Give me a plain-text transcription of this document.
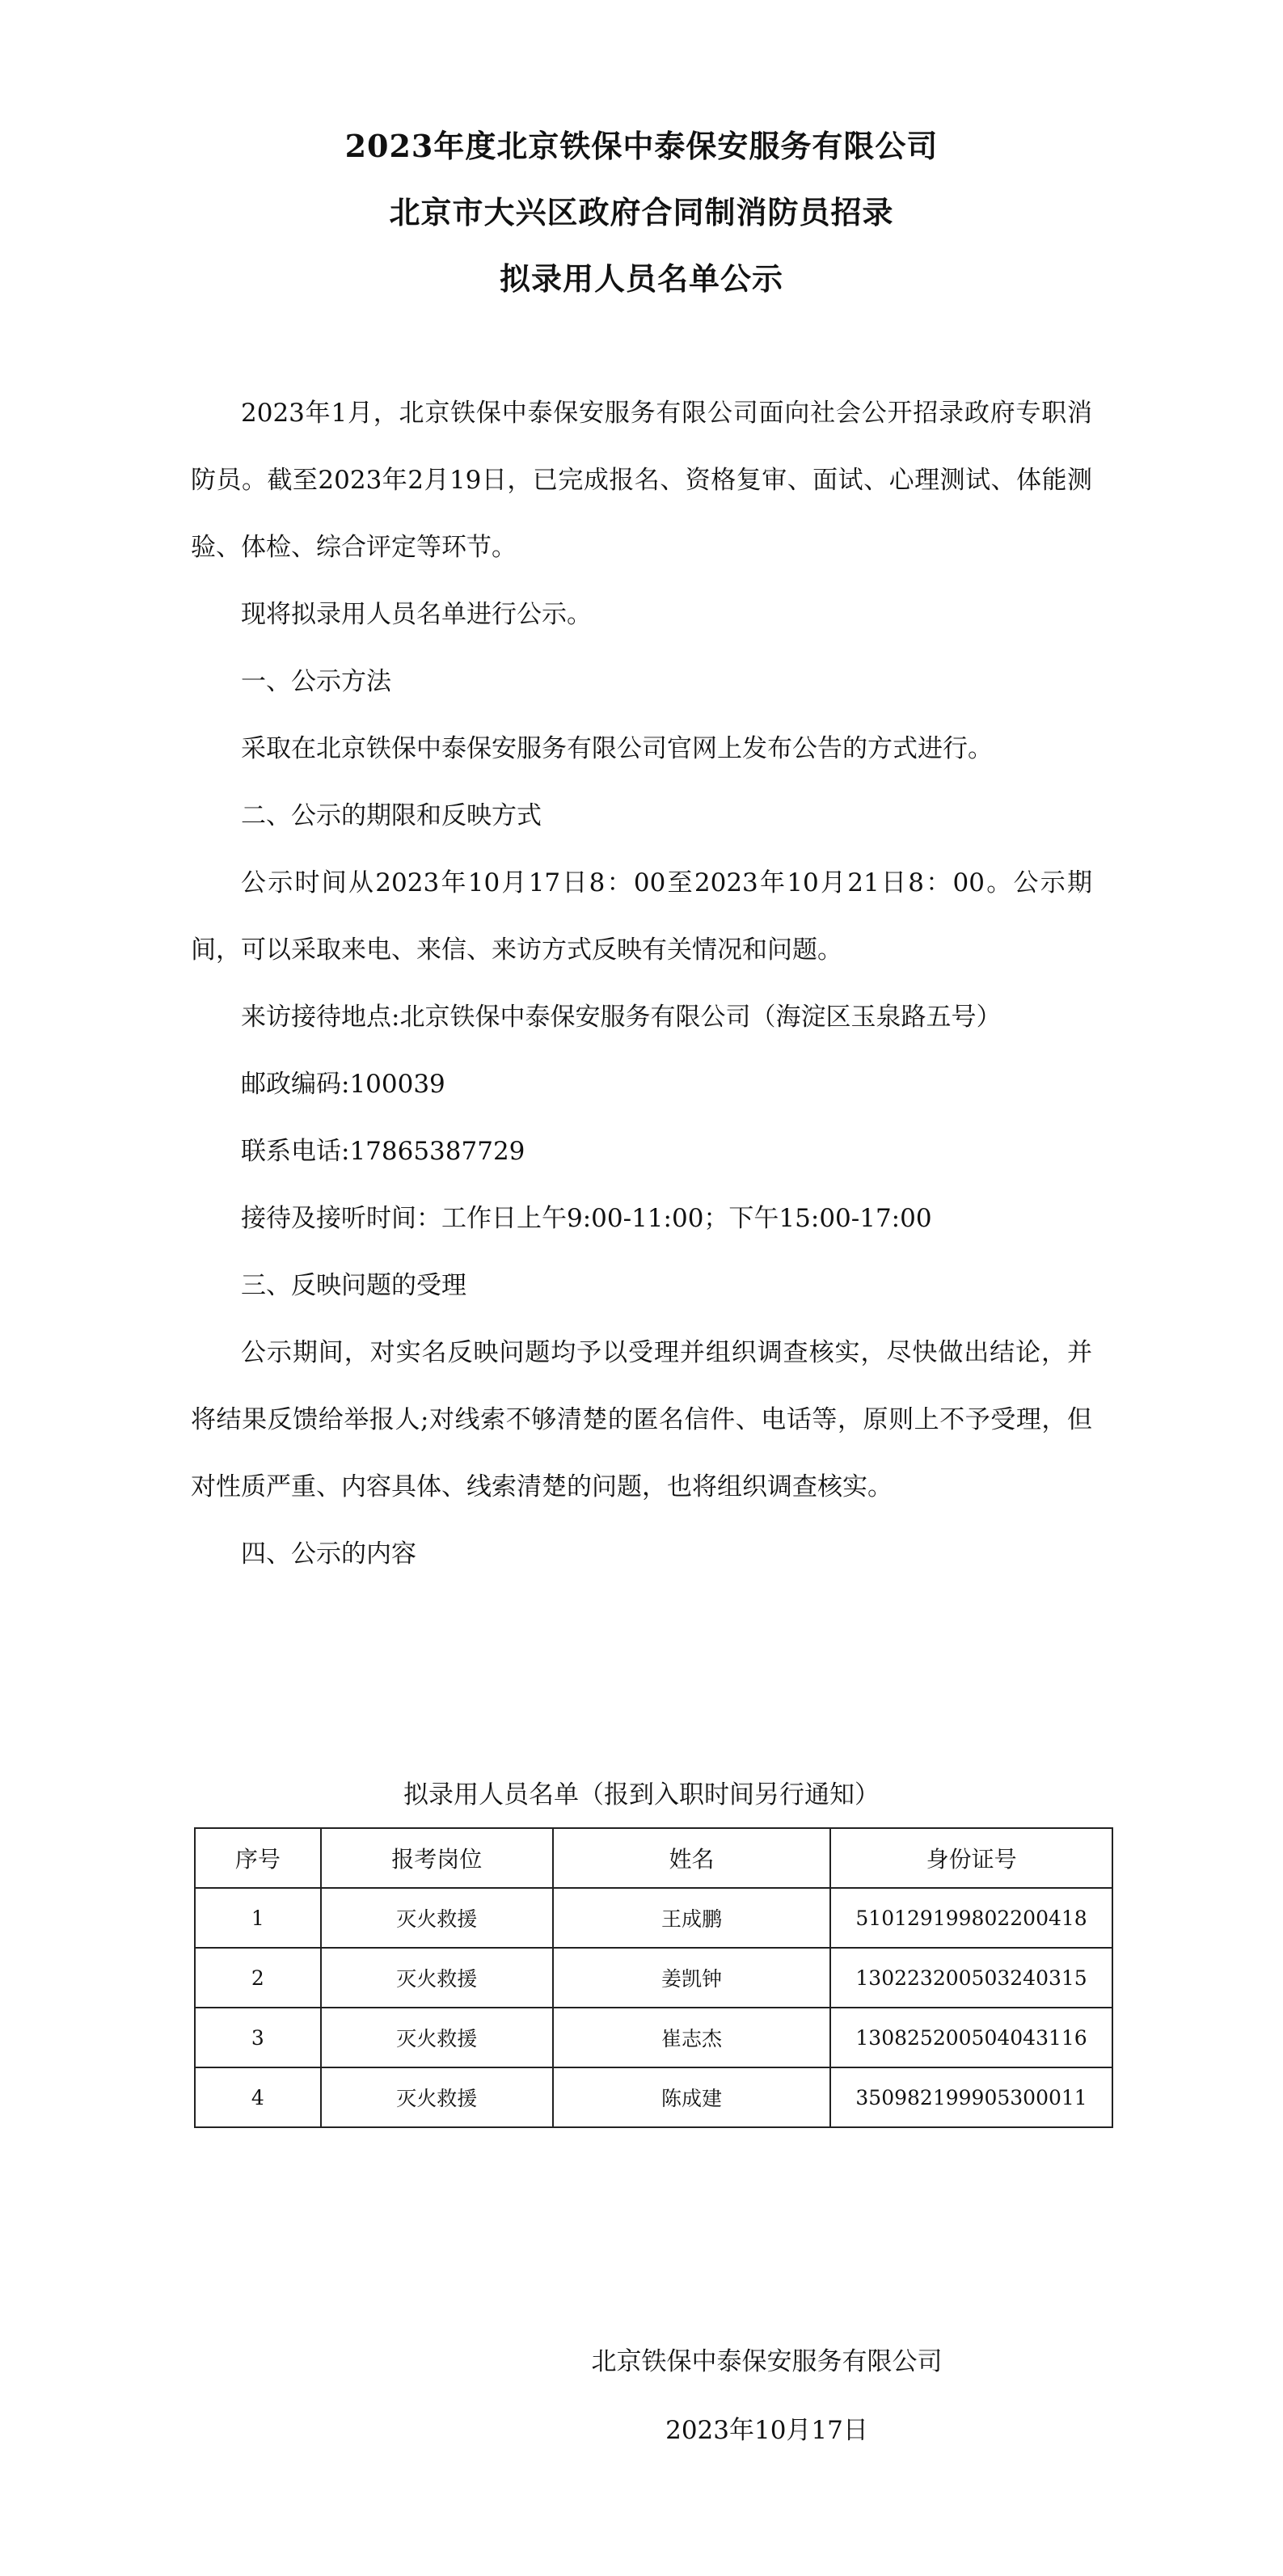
2023年度北京铁保中泰保安服务有限公司
北京市大兴区政府合同制消防员招录
拟录用人员名单公示
2023年1月，北京铁保中泰保安服务有限公司面向社会公开招录政府专职消防员。截至2023年2月19日，已完成报名、资格复审、面试、心理测试、体能测验、体检、综合评定等环节。
现将拟录用人员名单进行公示。
一、公示方法
采取在北京铁保中泰保安服务有限公司官网上发布公告的方式进行。
二、公示的期限和反映方式
公示时间从2023年10月17日8：00至2023年10月21日8：00。公示期间，可以采取来电、来信、来访方式反映有关情况和问题。
来访接待地点:北京铁保中泰保安服务有限公司（海淀区玉泉路五号）
邮政编码:100039
联系电话:17865387729
接待及接听时间：工作日上午9:00-11:00；下午15:00-17:00
三、反映问题的受理
公示期间，对实名反映问题均予以受理并组织调查核实，尽快做出结论，并将结果反馈给举报人;对线索不够清楚的匿名信件、电话等，原则上不予受理，但对性质严重、内容具体、线索清楚的问题，也将组织调查核实。
四、公示的内容
拟录用人员名单（报到入职时间另行通知）
序号	报考岗位	姓名	身份证号
1	灭火救援	王成鹏	510129199802200418
2	灭火救援	姜凯钟	130223200503240315
3	灭火救援	崔志杰	130825200504043116
4	灭火救援	陈成建	350982199905300011
北京铁保中泰保安服务有限公司
2023年10月17日
